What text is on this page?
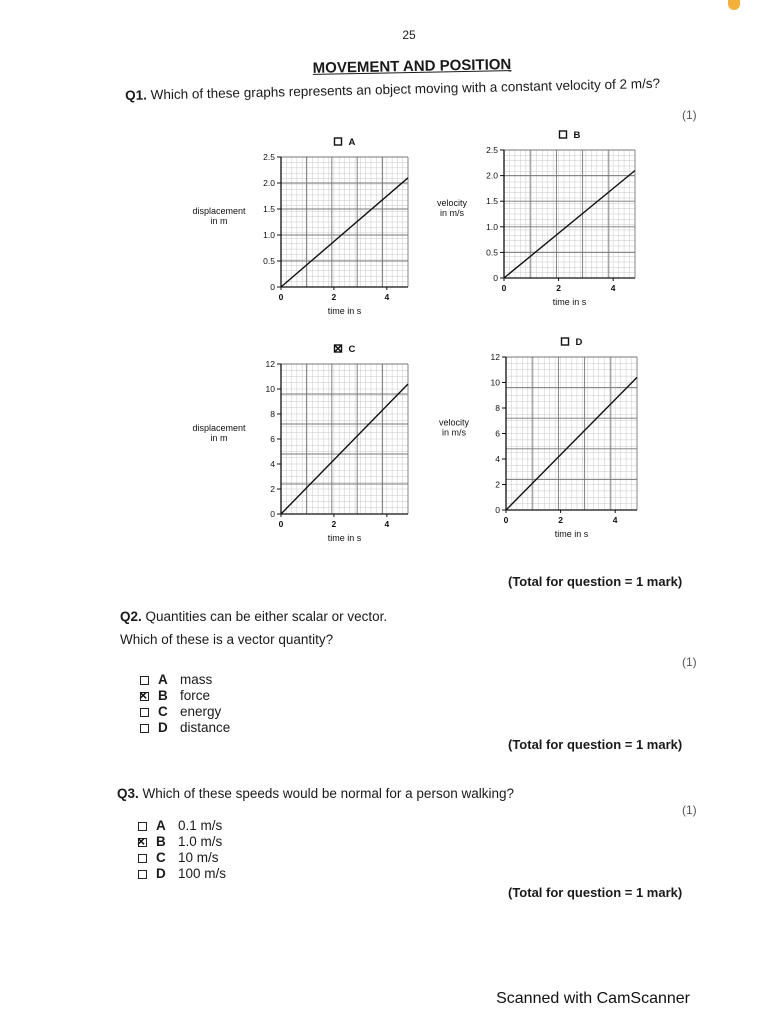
25
MOVEMENT AND POSITION
Q1. Which of these graphs represents an object moving with a constant velocity of 2 m/s?
(1)
0
0.5
1.0
1.5
2.0
2.5
0	2	4
time in s
displacement
in m
A
0
0.5
1.0
1.5
2.0
2.5
0	2	4
time in s
velocity
in m/s
B
0
2
4
6
8
10
12
0	2	4
time in s
displacement
in m
C
0
2
4
6
8
10
12
0	2	4
time in s
velocity
in m/s
D
(Total for question = 1 mark)
Q2. Quantities can be either scalar or vector.
Which of these is a vector quantity?
(1)
A mass
×
B force
C energy
D distance
(Total for question = 1 mark)
Q3. Which of these speeds would be normal for a person walking?
(1)
A 0.1 m/s
×
B 1.0 m/s
C 10 m/s
D 100 m/s
(Total for question = 1 mark)
Scanned with CamScanner
